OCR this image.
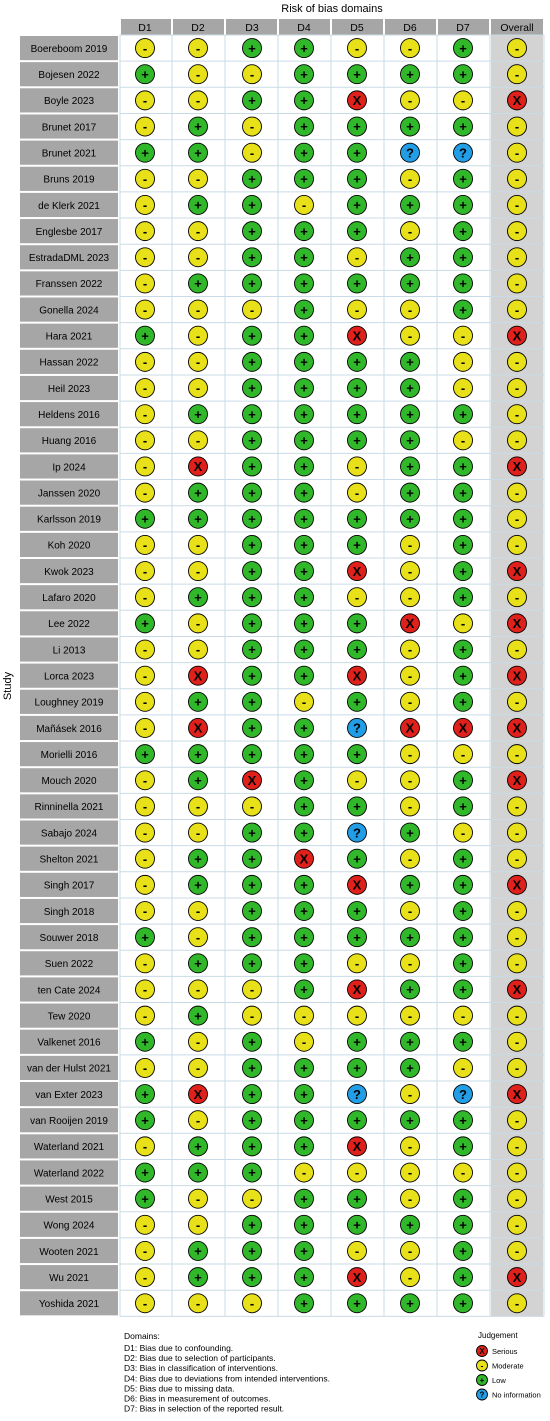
Risk of bias domains
Study
D1	D2	D3	D4	D5	D6	D7	Overall
Boereboom 2019	-	-	+	+	-	-	+	-
Bojesen 2022	+	-	-	+	+	+	+	-
Boyle 2023	-	-	+	+	X	-	-	X
Brunet 2017	-	+	-	+	+	+	+	-
Brunet 2021	+	+	-	+	+	?	?	-
Bruns 2019	-	-	+	+	+	-	+	-
de Klerk 2021	-	+	+	-	+	+	+	-
Englesbe 2017	-	-	+	+	+	-	+	-
EstradaDML 2023	-	-	+	+	-	+	+	-
Franssen 2022	-	+	+	+	+	+	+	-
Gonella 2024	-	-	-	+	-	-	+	-
Hara 2021	+	-	+	+	X	-	-	X
Hassan 2022	-	-	+	+	+	+	-	-
Heil 2023	-	-	+	+	+	+	-	-
Heldens 2016	-	+	+	+	+	+	+	-
Huang 2016	-	-	+	+	+	+	-	-
Ip 2024	-	X	+	+	-	+	+	X
Janssen 2020	-	+	+	+	-	+	+	-
Karlsson 2019	+	+	+	+	+	+	+	-
Koh 2020	-	-	+	+	+	-	+	-
Kwok 2023	-	-	+	+	X	-	+	X
Lafaro 2020	-	+	+	+	-	-	+	-
Lee 2022	+	-	+	+	+	X	-	X
Li 2013	-	-	+	+	+	-	+	-
Lorca 2023	-	X	+	+	X	-	+	X
Loughney 2019	-	+	+	-	+	-	+	-
Mañásek 2016	-	X	+	+	?	X	X	X
Morielli 2016	+	+	+	+	+	-	-	-
Mouch 2020	-	+	X	+	-	-	+	X
Rinninella 2021	-	-	-	+	+	-	+	-
Sabajo 2024	-	-	+	+	?	+	-	-
Shelton 2021	-	+	+	X	+	-	+	-
Singh 2017	-	+	+	+	X	+	+	X
Singh 2018	-	-	+	+	+	-	+	-
Souwer 2018	+	-	+	+	+	+	+	-
Suen 2022	-	+	+	+	-	-	+	-
ten Cate 2024	-	-	-	+	X	+	+	X
Tew 2020	-	+	-	-	-	-	-	-
Valkenet 2016	+	-	+	-	+	+	+	-
van der Hulst 2021 -	-	+	+	+	+	-	-
van Exter 2023	+	X	+	+	?	-	?	X
van Rooijen 2019	+	-	+	+	+	+	+	-
Waterland 2021	-	+	+	+	X	-	+	-
Waterland 2022	+	+	+	-	-	-	-	-
West 2015	+	-	-	+	+	-	+	-
Wong 2024	-	-	+	+	+	+	+	-
Wooten 2021	-	+	+	+	-	-	+	-
Wu 2021	-	+	+	+	X	-	+	X
Yoshida 2021	-	-	-	+	+	+	+	-
Domains:
D1: Bias due to confounding.
D2: Bias due to selection of participants.
D3: Bias in classification of interventions.
D4: Bias due to deviations from intended interventions.
D5: Bias due to missing data.
D6: Bias in measurement of outcomes.
D7: Bias in selection of the reported result.
Judgement
X Serious
- Moderate
+ Low
? No information
